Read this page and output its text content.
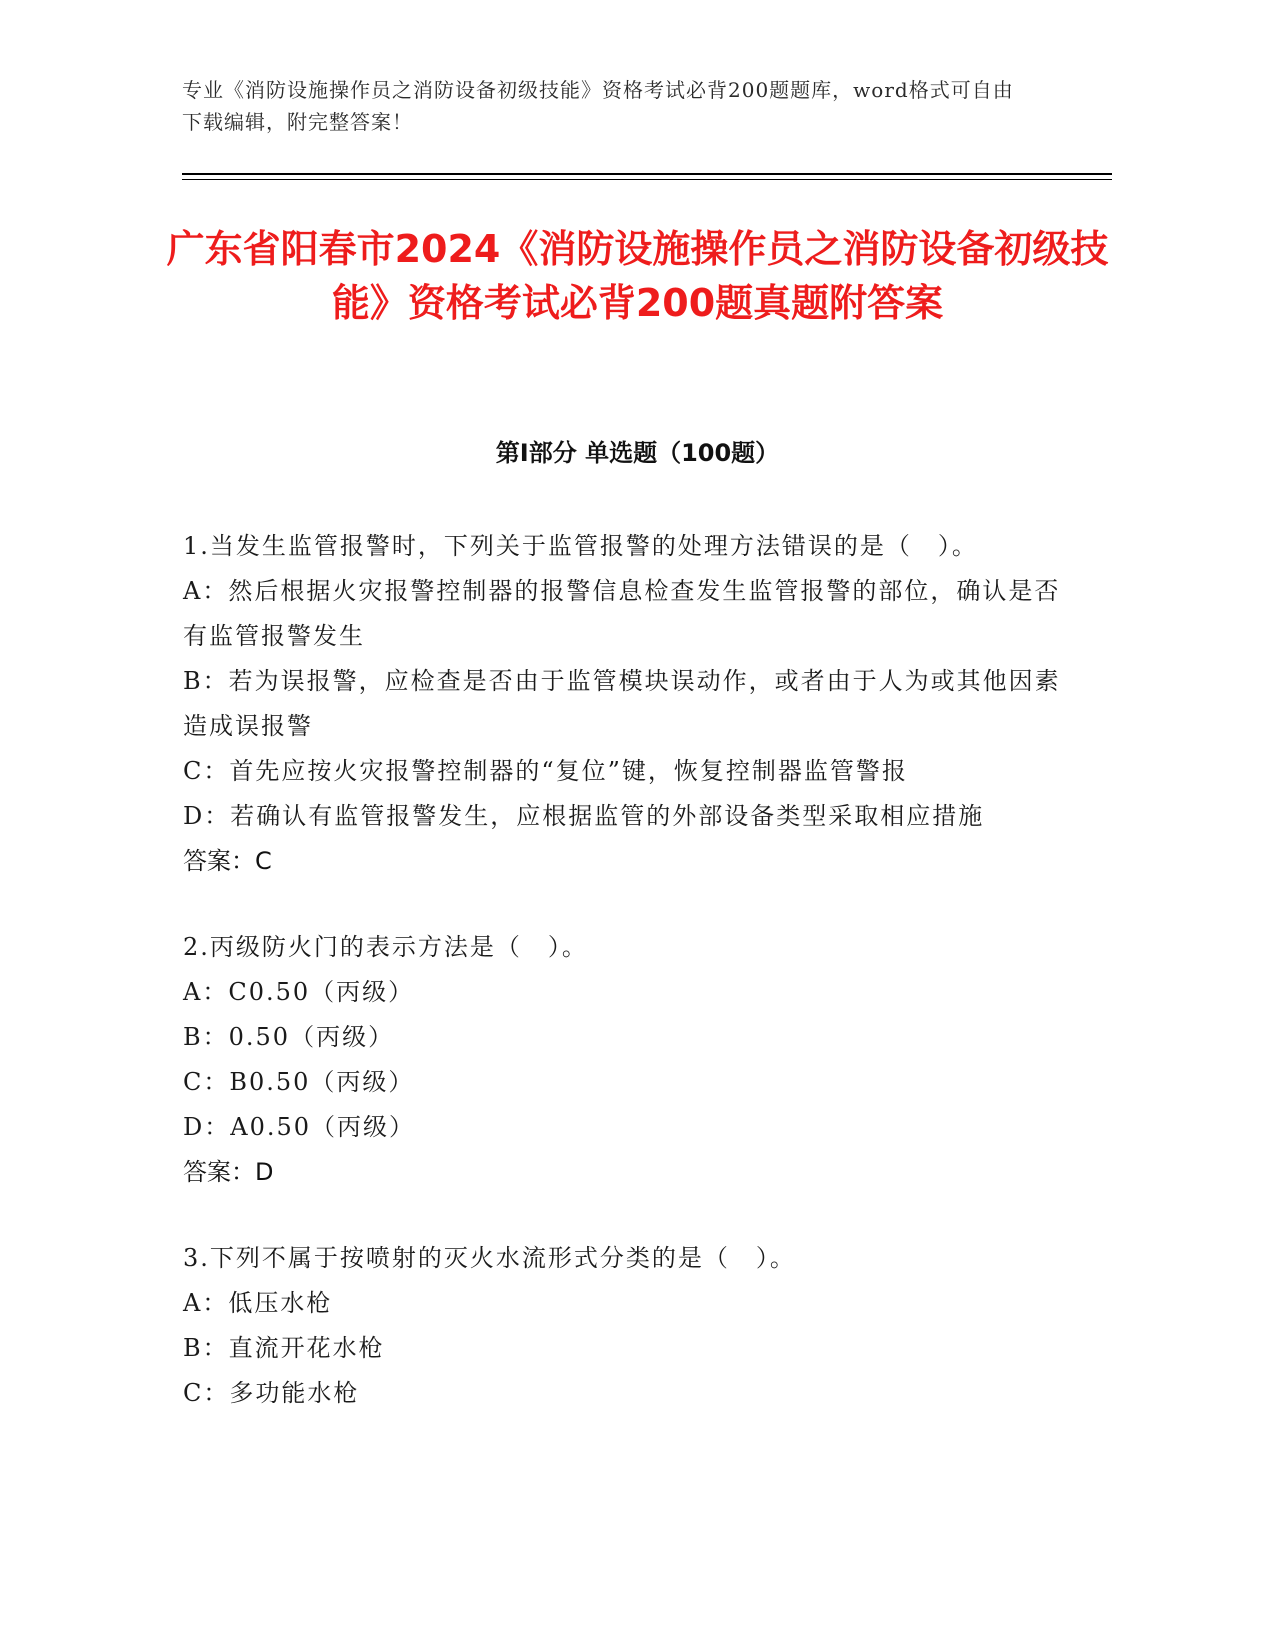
专业《消防设施操作员之消防设备初级技能》资格考试必背200题题库，word格式可自由下载编辑，附完整答案！
广东省阳春市2024《消防设施操作员之消防设备初级技能》资格考试必背200题真题附答案
第I部分 单选题（100题）
1.当发生监管报警时，下列关于监管报警的处理方法错误的是（　）。
A：然后根据火灾报警控制器的报警信息检查发生监管报警的部位，确认是否有监管报警发生
B：若为误报警，应检查是否由于监管模块误动作，或者由于人为或其他因素造成误报警
C：首先应按火灾报警控制器的“复位”键，恢复控制器监管警报
D：若确认有监管报警发生，应根据监管的外部设备类型采取相应措施
答案：C
2.丙级防火门的表示方法是（　）。
A：C0.50（丙级）
B：0.50（丙级）
C：B0.50（丙级）
D：A0.50（丙级）
答案：D
3.下列不属于按喷射的灭火水流形式分类的是（　）。
A：低压水枪
B：直流开花水枪
C：多功能水枪
